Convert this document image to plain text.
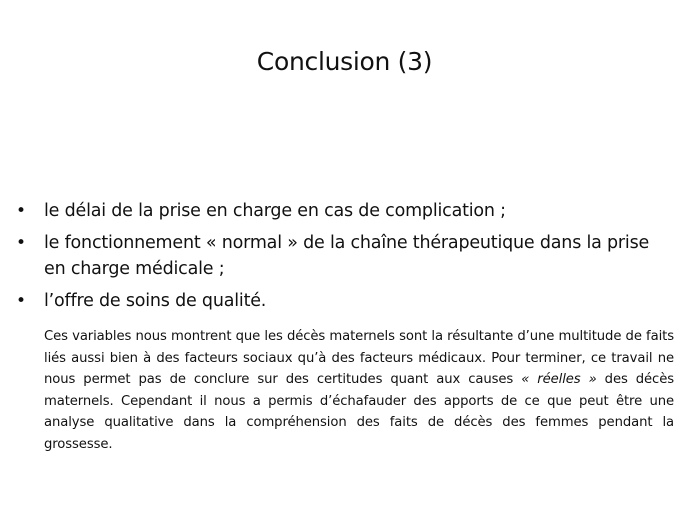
Conclusion (3)
• le délai de la prise en charge en cas de complication ;
• le fonctionnement « normal » de la chaîne thérapeutique dans la prise en charge médicale ;
• l’offre de soins de qualité.
Ces variables nous montrent que les décès maternels sont la résultante d’une multitude de faits liés aussi bien à des facteurs sociaux qu’à des facteurs médicaux. Pour terminer, ce travail ne nous permet pas de conclure sur des certitudes quant aux causes « réelles » des décès maternels. Cependant il nous a permis d’échafauder des apports de ce que peut être une analyse qualitative dans la compréhension des faits de décès des femmes pendant la grossesse.
